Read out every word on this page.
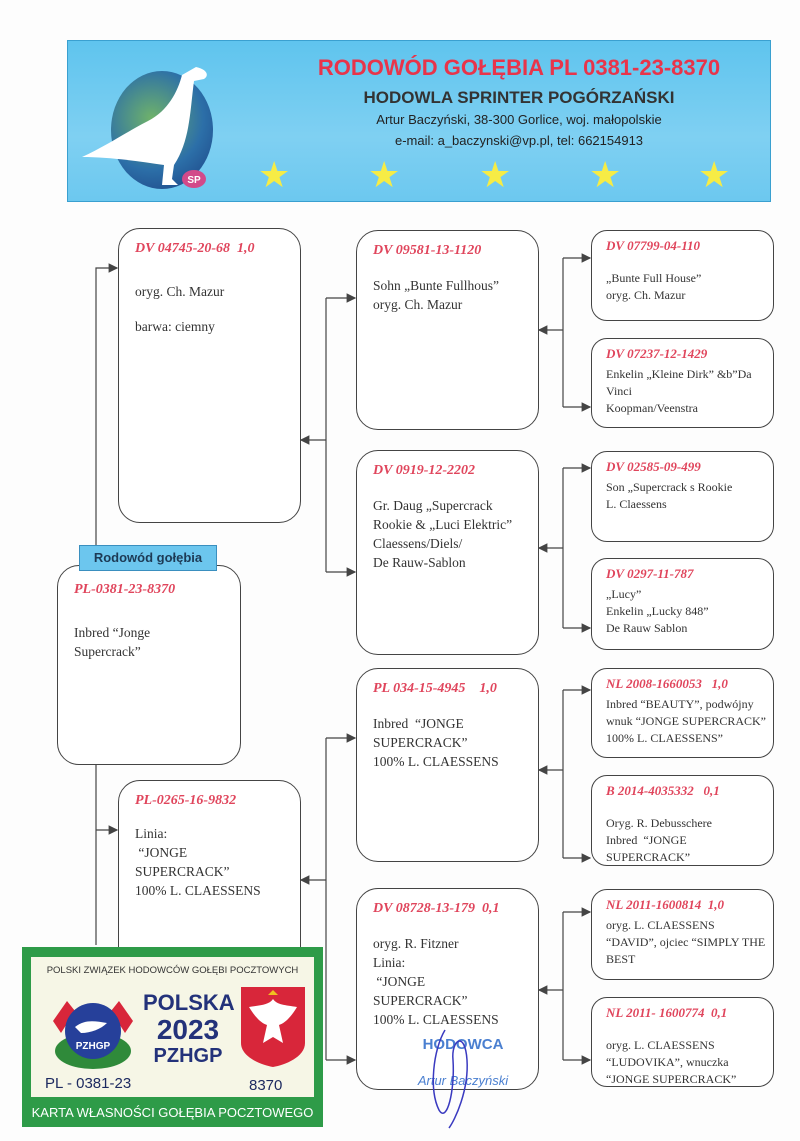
SP
RODOWÓD GOŁĘBIA PL 0381-23-8370
HODOWLA SPRINTER POGÓRZAŃSKI
Artur Baczyński, 38-300 Gorlice, woj. małopolskie
e-mail: a_baczynski@vp.pl, tel: 662154913
★ ★ ★ ★ ★
Rodowód gołębia
PL-0381-23-8370
Inbred “Jonge
Supercrack”
DV 04745-20-68  1,0
oryg. Ch. Mazur
barwa: ciemny
PL-0265-16-9832
Linia:
“JONGE
SUPERCRACK”
100% L. CLAESSENS
DV 09581-13-1120
Sohn „Bunte Fullhous”
oryg. Ch. Mazur
DV 0919-12-2202
Gr. Daug „Supercrack
Rookie & „Luci Elektric”
Claessens/Diels/
De Rauw-Sablon
PL 034-15-4945    1,0
Inbred  “JONGE
SUPERCRACK”
100% L. CLAESSENS
DV 08728-13-179  0,1
oryg. R. Fitzner
Linia:
“JONGE
SUPERCRACK”
100% L. CLAESSENS
DV 07799-04-110
„Bunte Full House”
oryg. Ch. Mazur
DV 07237-12-1429
Enkelin „Kleine Dirk” &b”Da
Vinci
Koopman/Veenstra
DV 02585-09-499
Son „Supercrack s Rookie
L. Claessens
DV 0297-11-787
„Lucy”
Enkelin „Lucky 848”
De Rauw Sablon
NL 2008-1660053   1,0
Inbred “BEAUTY”, podwójny
wnuk “JONGE SUPERCRACK”
100% L. CLAESSENS”
B 2014-4035332   0,1
Oryg. R. Debusschere
Inbred  “JONGE
SUPERCRACK”
NL 2011-1600814  1,0
oryg. L. CLAESSENS
“DAVID”, ojciec “SIMPLY THE
BEST
NL 2011- 1600774  0,1
oryg. L. CLAESSENS
“LUDOVIKA”, wnuczka
“JONGE SUPERCRACK”
POLSKI ZWIĄZEK HODOWCÓW GOŁĘBI POCZTOWYCH
PZHGP
POLSKA
2023
PZHGP
PL - 0381-23	8370
KARTA WŁASNOŚCI GOŁĘBIA POCZTOWEGO
HODOWCA
Artur Baczyński
